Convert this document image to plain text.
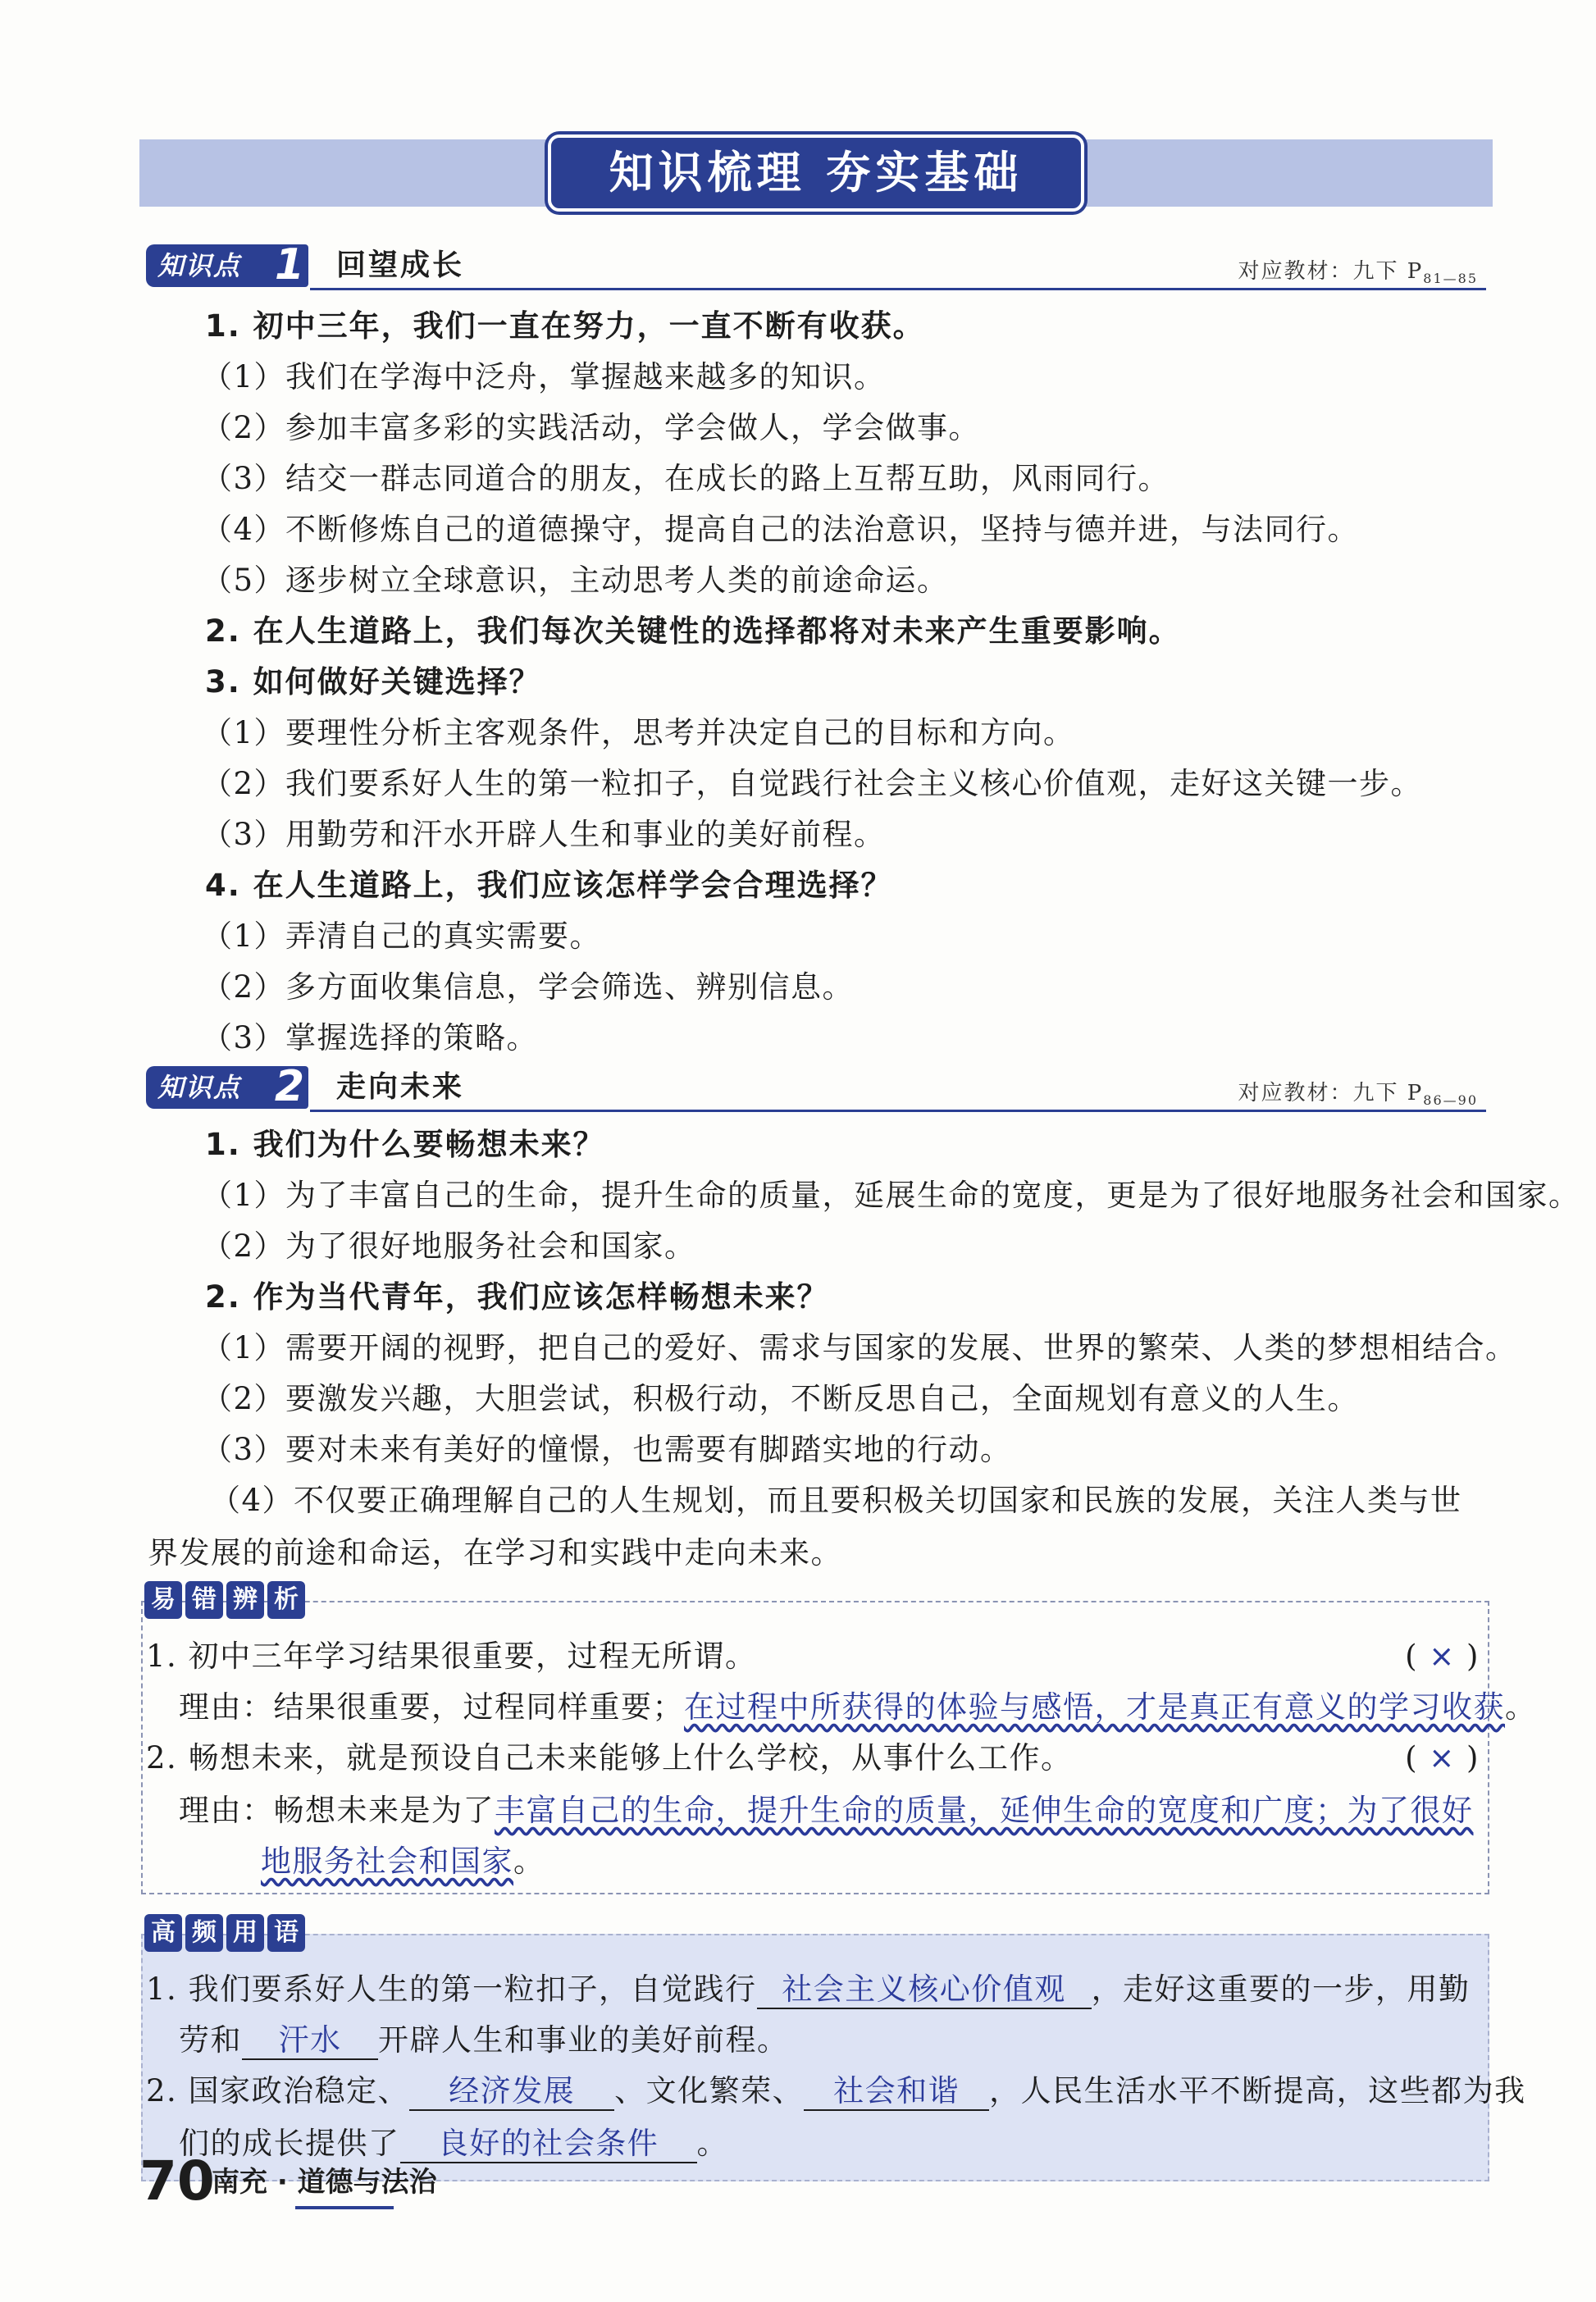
知识梳理 夯实基础
知识点 1	回望成长	对应教材：九下 $P_{81—85}$
1. 初中三年，我们一直在努力，一直不断有收获。
（1）我们在学海中泛舟，掌握越来越多的知识。
（2）参加丰富多彩的实践活动，学会做人，学会做事。
（3）结交一群志同道合的朋友，在成长的路上互帮互助，风雨同行。
（4）不断修炼自己的道德操守，提高自己的法治意识，坚持与德并进，与法同行。
（5）逐步树立全球意识，主动思考人类的前途命运。
2. 在人生道路上，我们每次关键性的选择都将对未来产生重要影响。
3. 如何做好关键选择？
（1）要理性分析主客观条件，思考并决定自己的目标和方向。
（2）我们要系好人生的第一粒扣子，自觉践行社会主义核心价值观，走好这关键一步。
（3）用勤劳和汗水开辟人生和事业的美好前程。
4. 在人生道路上，我们应该怎样学会合理选择？
（1）弄清自己的真实需要。
（2）多方面收集信息，学会筛选、辨别信息。
（3）掌握选择的策略。
知识点 2	走向未来	对应教材：九下 $P_{86—90}$
1. 我们为什么要畅想未来？
（1）为了丰富自己的生命，提升生命的质量，延展生命的宽度，更是为了很好地服务社会和国家。
（2）为了很好地服务社会和国家。
2. 作为当代青年，我们应该怎样畅想未来？
（1）需要开阔的视野，把自己的爱好、需求与国家的发展、世界的繁荣、人类的梦想相结合。
（2）要激发兴趣，大胆尝试，积极行动，不断反思自己，全面规划有意义的人生。
（3）要对未来有美好的憧憬，也需要有脚踏实地的行动。
（4）不仅要正确理解自己的人生规划，而且要积极关切国家和民族的发展，关注人类与世界发展的前途和命运，在学习和实践中走向未来。
易 错 辨 析
1. 初中三年学习结果很重要，过程无所谓。	( × )
理由：结果很重要，过程同样重要；在过程中所获得的体验与感悟，才是真正有意义的学习收获。
2. 畅想未来，就是预设自己未来能够上什么学校，从事什么工作。	( × )
理由：畅想未来是为了丰富自己的生命，提升生命的质量，延伸生命的宽度和广度；为了很好
地服务社会和国家。
高 频 用 语
1. 我们要系好人生的第一粒扣子，自觉践行 社会主义核心价值观 ，走好这重要的一步，用勤
劳和 汗水 开辟人生和事业的美好前程。
2. 国家政治稳定、 经济发展 、文化繁荣、 社会和谐 ，人民生活水平不断提高，这些都为我
们的成长提供了 良好的社会条件 。
70
南充 · 道德与法治
